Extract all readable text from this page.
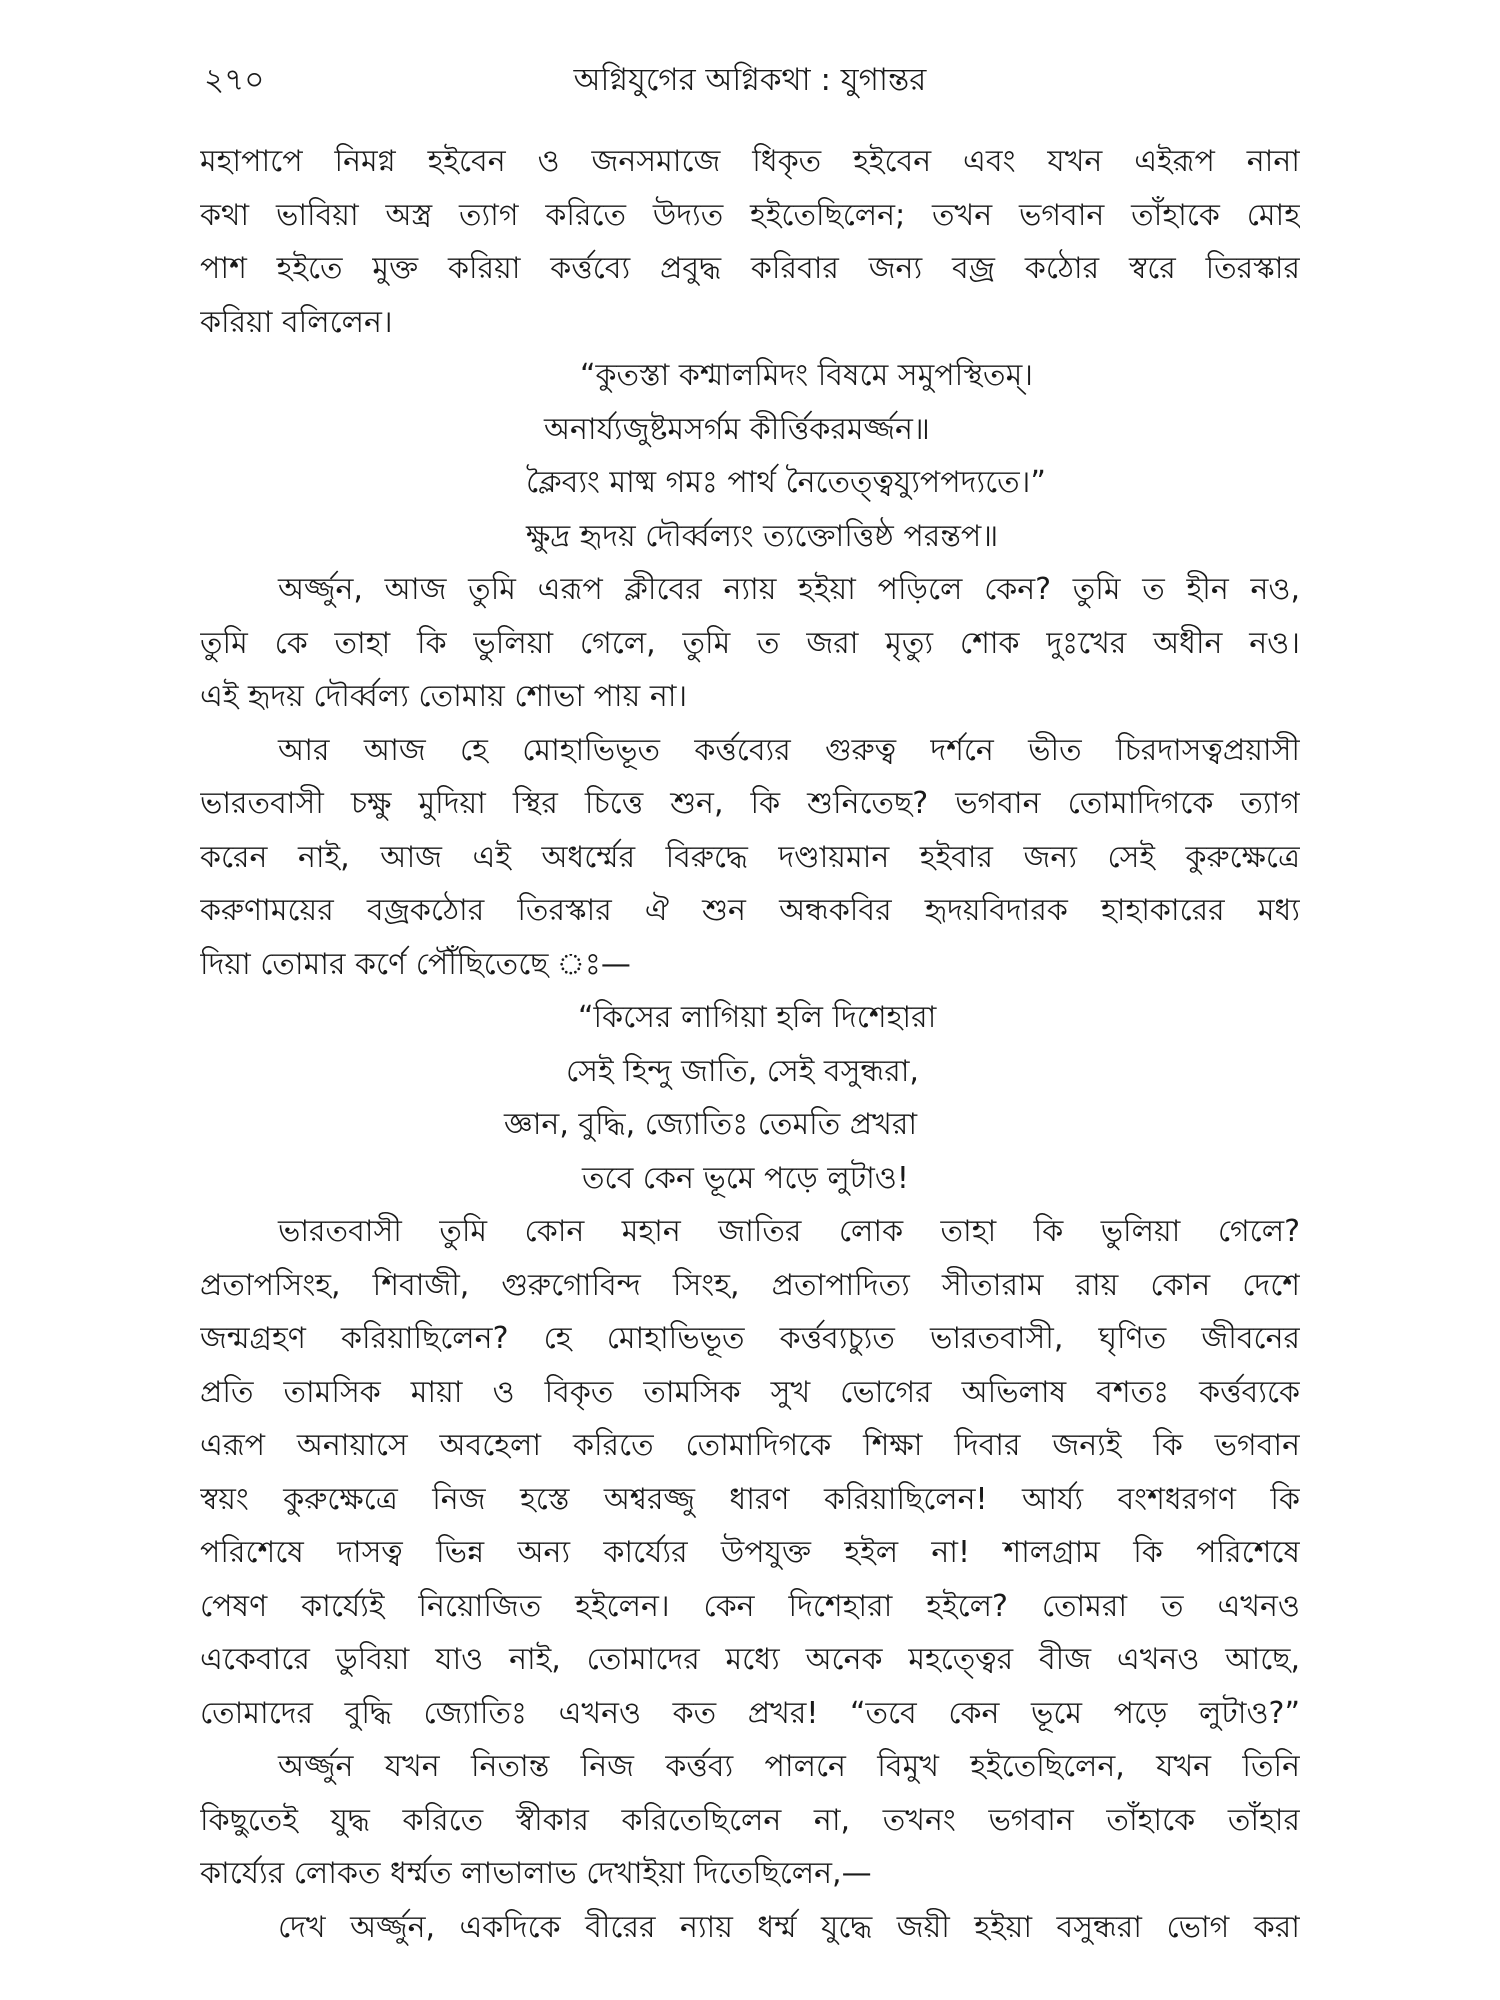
২৭০	অগ্নিযুগের অগ্নিকথা : যুগান্তর
মহাপাপে নিমগ্ন হইবেন ও জনসমাজে ধিকৃত হইবেন এবং যখন এইরূপ নানা
কথা ভাবিয়া অস্ত্র ত্যাগ করিতে উদ্যত হইতেছিলেন; তখন ভগবান তাঁহাকে মোহ
পাশ হইতে মুক্ত করিয়া কর্ত্তব্যে প্রবুদ্ধ করিবার জন্য বজ্র কঠোর স্বরে তিরস্কার
করিয়া বলিলেন।
“কুতস্তা কশ্মালমিদং বিষমে সমুপস্থিতম্।
অনার্য্যজুষ্টমসর্গম কীর্ত্তিকরমর্জ্জন॥
ক্লৈব্যং মাষ্ম গমঃ পার্থ নৈতেত্ত্বয্যুপপদ্যতে।”
ক্ষুদ্র হৃদয় দৌর্ব্বল্যং ত্যক্তোত্তিষ্ঠ পরন্তপ॥
অর্জ্জুন, আজ তুমি এরূপ ক্লীবের ন্যায় হইয়া পড়িলে কেন? তুমি ত হীন নও,
তুমি কে তাহা কি ভুলিয়া গেলে, তুমি ত জরা মৃত্যু শোক দুঃখের অধীন নও।
এই হৃদয় দৌর্ব্বল্য তোমায় শোভা পায় না।
আর আজ হে মোহাভিভূত কর্ত্তব্যের গুরুত্ব দর্শনে ভীত চিরদাসত্বপ্রয়াসী
ভারতবাসী চক্ষু মুদিয়া স্থির চিত্তে শুন, কি শুনিতেছ? ভগবান তোমাদিগকে ত্যাগ
করেন নাই, আজ এই অধর্ম্মের বিরুদ্ধে দণ্ডায়মান হইবার জন্য সেই কুরুক্ষেত্রে
করুণাময়ের বজ্রকঠোর তিরস্কার ঐ শুন অন্ধকবির হৃদয়বিদারক হাহাকারের মধ্য
দিয়া তোমার কর্ণে পৌঁছিতেছে ঃ—
“কিসের লাগিয়া হলি দিশেহারা
সেই হিন্দু জাতি, সেই বসুন্ধরা,
জ্ঞান, বুদ্ধি, জ্যোতিঃ তেমতি প্রখরা
তবে কেন ভূমে পড়ে লুটাও!
ভারতবাসী তুমি কোন মহান জাতির লোক তাহা কি ভুলিয়া গেলে?
প্রতাপসিংহ, শিবাজী, গুরুগোবিন্দ সিংহ, প্রতাপাদিত্য সীতারাম রায় কোন দেশে
জন্মগ্রহণ করিয়াছিলেন? হে মোহাভিভূত কর্ত্তব্যচ্যুত ভারতবাসী, ঘৃণিত জীবনের
প্রতি তামসিক মায়া ও বিকৃত তামসিক সুখ ভোগের অভিলাষ বশতঃ কর্ত্তব্যকে
এরূপ অনায়াসে অবহেলা করিতে তোমাদিগকে শিক্ষা দিবার জন্যই কি ভগবান
স্বয়ং কুরুক্ষেত্রে নিজ হস্তে অশ্বরজ্জু ধারণ করিয়াছিলেন! আর্য্য বংশধরগণ কি
পরিশেষে দাসত্ব ভিন্ন অন্য কার্য্যের উপযুক্ত হইল না! শালগ্রাম কি পরিশেষে
পেষণ কার্য্যেই নিয়োজিত হইলেন। কেন দিশেহারা হইলে? তোমরা ত এখনও
একেবারে ডুবিয়া যাও নাই, তোমাদের মধ্যে অনেক মহত্ত্বের বীজ এখনও আছে,
তোমাদের বুদ্ধি জ্যোতিঃ এখনও কত প্রখর! “তবে কেন ভূমে পড়ে লুটাও?”
অর্জ্জুন যখন নিতান্ত নিজ কর্ত্তব্য পালনে বিমুখ হইতেছিলেন, যখন তিনি
কিছুতেই যুদ্ধ করিতে স্বীকার করিতেছিলেন না, তখনং ভগবান তাঁহাকে তাঁহার
কার্য্যের লোকত ধর্ম্মত লাভালাভ দেখাইয়া দিতেছিলেন,—
দেখ অর্জ্জুন, একদিকে বীরের ন্যায় ধর্ম্ম যুদ্ধে জয়ী হইয়া বসুন্ধরা ভোগ করা
